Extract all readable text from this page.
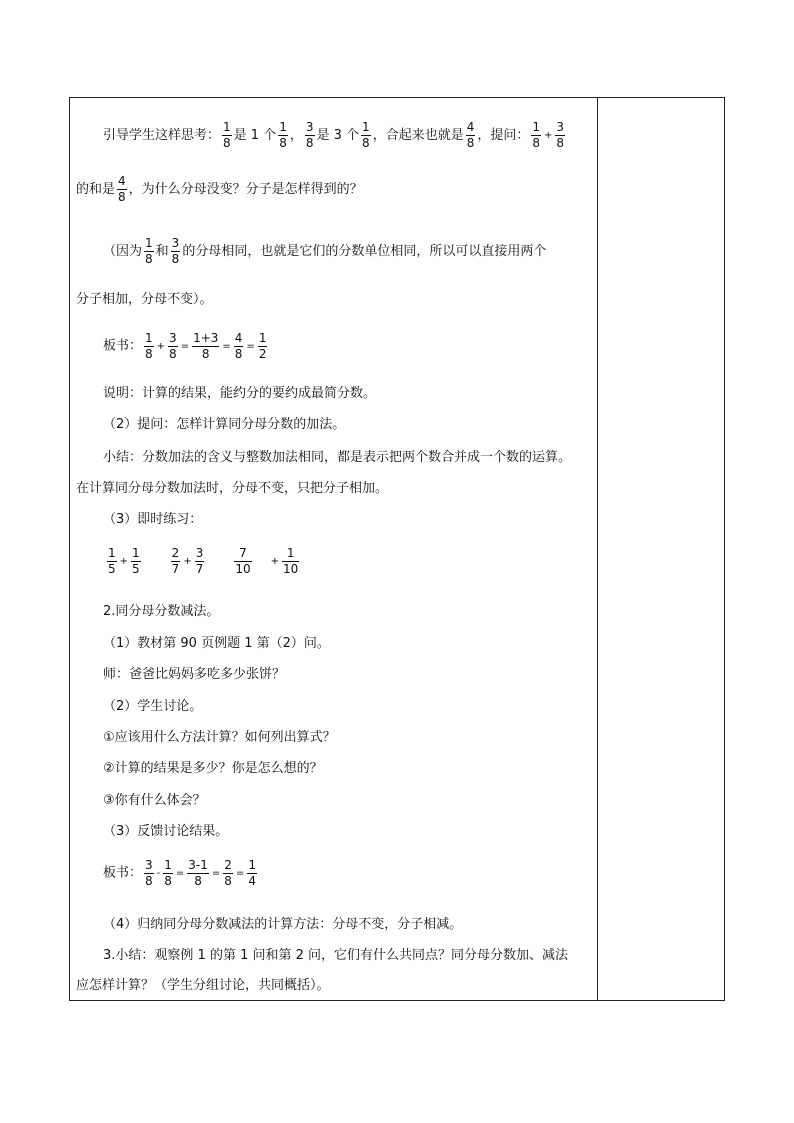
引导学生这样思考： $\frac{1}{8}$ 是 1 个 $\frac{1}{8}$ ， $\frac{3}{8}$ 是 3 个 $\frac{1}{8}$ ，合起来也就是 $\frac{4}{8}$ ，提问： $\frac{1}{8} + \frac{3}{8}$
的和是 $\frac{4}{8}$ ，为什么分母没变？分子是怎样得到的？
（因为 $\frac{1}{8}$ 和 $\frac{3}{8}$ 的分母相同，也就是它们的分数单位相同，所以可以直接用两个
分子相加，分母不变）。
板书： $\frac{1}{8} + \frac{3}{8} = \frac{1+3}{8} = \frac{4}{8} = \frac{1}{2}$
说明：计算的结果，能约分的要约成最简分数。
（2）提问：怎样计算同分母分数的加法。
小结：分数加法的含义与整数加法相同，都是表示把两个数合并成一个数的运算。
在计算同分母分数加法时，分母不变，只把分子相加。
（3）即时练习：
$\frac{1}{5} + \frac{1}{5}$	$\frac{2}{7} + \frac{3}{7}$	$\frac{7}{10} + \frac{1}{10}$
2.同分母分数减法。
（1）教材第 90 页例题 1 第（2）问。
师：爸爸比妈妈多吃多少张饼？
（2）学生讨论。
①应该用什么方法计算？如何列出算式？
②计算的结果是多少？你是怎么想的？
③你有什么体会？
（3）反馈讨论结果。
板书： $\frac{3}{8} - \frac{1}{8} = \frac{3-1}{8} = \frac{2}{8} = \frac{1}{4}$
（4）归纳同分母分数减法的计算方法：分母不变，分子相减。
3.小结：观察例 1 的第 1 问和第 2 问，它们有什么共同点？同分母分数加、减法
应怎样计算？（学生分组讨论，共同概括）。
